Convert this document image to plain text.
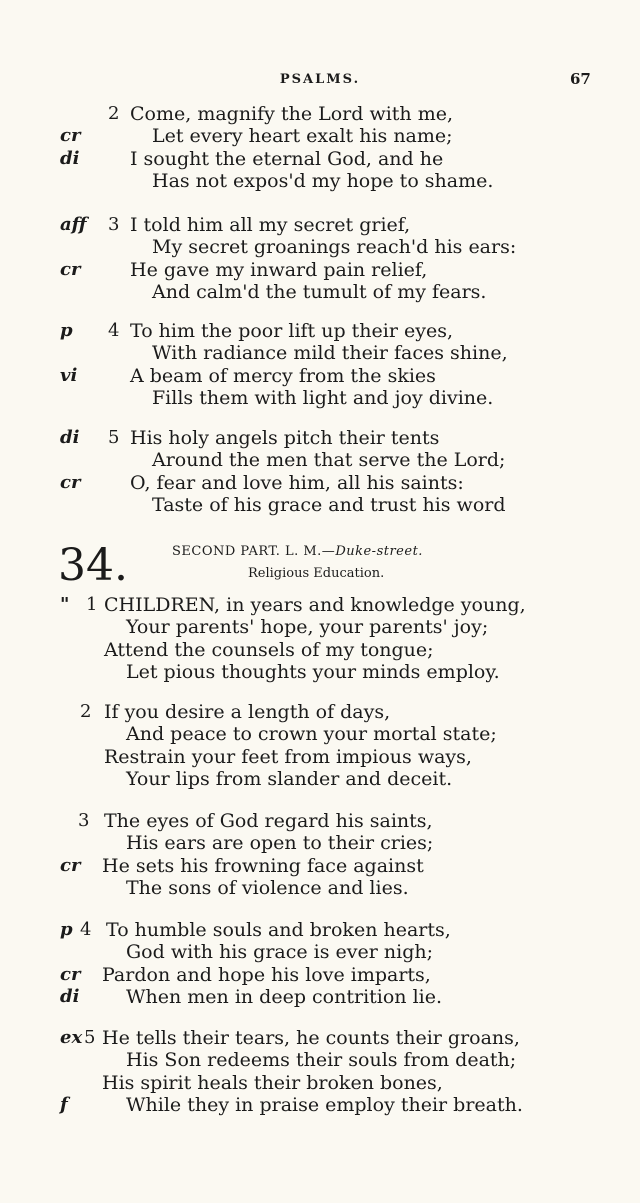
PSALMS.	67
2 Come, magnify the Lord with me,
cr	Let every heart exalt his name;
di	I sought the eternal God, and he
Has not expos'd my hope to shame.
aff 3 I told him all my secret grief,
My secret groanings reach'd his ears:
cr	He gave my inward pain relief,
And calm'd the tumult of my fears.
p 4 To him the poor lift up their eyes,
With radiance mild their faces shine,
vi	A beam of mercy from the skies
Fills them with light and joy divine.
di 5 His holy angels pitch their tents
Around the men that serve the Lord;
cr	O, fear and love him, all his saints:
Taste of his grace and trust his word
34.	SECOND PART. L. M.—Duke-street.
Religious Education.
" 1 CHILDREN, in years and knowledge young,
Your parents' hope, your parents' joy;
Attend the counsels of my tongue;
Let pious thoughts your minds employ.
2 If you desire a length of days,
And peace to crown your mortal state;
Restrain your feet from impious ways,
Your lips from slander and deceit.
3 The eyes of God regard his saints,
His ears are open to their cries;
cr He sets his frowning face against
The sons of violence and lies.
p 4 To humble souls and broken hearts,
God with his grace is ever nigh;
cr Pardon and hope his love imparts,
di When men in deep contrition lie.
ex 5 He tells their tears, he counts their groans,
His Son redeems their souls from death;
His spirit heals their broken bones,
f	While they in praise employ their breath.
